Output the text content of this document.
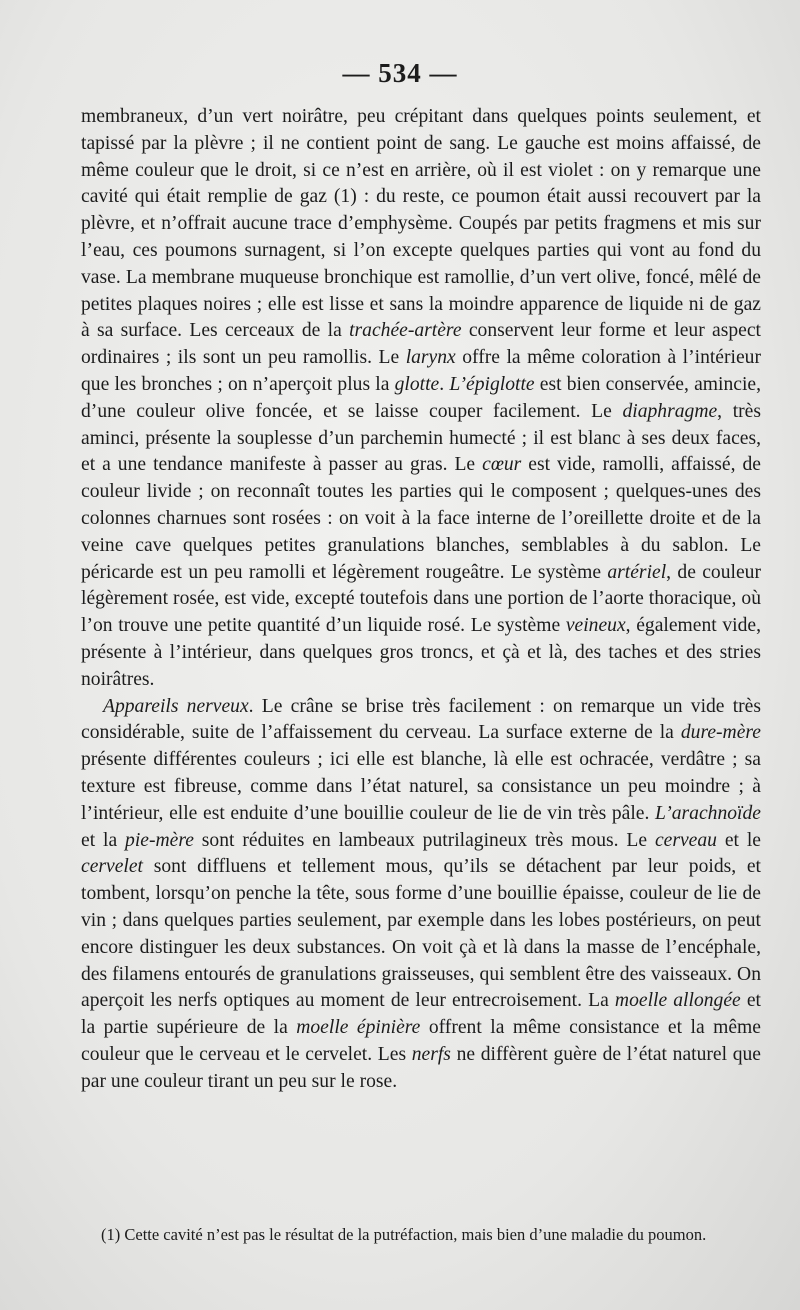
— 534 —

membraneux, d’un vert noirâtre, peu crépitant dans quelques points seulement, et tapissé par la plèvre ; il ne contient point de sang. Le gauche est moins affaissé, de même couleur que le droit, si ce n’est en arrière, où il est violet : on y remarque une cavité qui était remplie de gaz (1) : du reste, ce poumon était aussi recouvert par la plèvre, et n’offrait aucune trace d’emphysème. Coupés par petits fragmens et mis sur l’eau, ces poumons surnagent, si l’on excepte quelques parties qui vont au fond du vase. La membrane muqueuse bronchique est ramollie, d’un vert olive, foncé, mêlé de petites plaques noires ; elle est lisse et sans la moindre apparence de liquide ni de gaz à sa surface. Les cerceaux de la trachée-artère conservent leur forme et leur aspect ordinaires ; ils sont un peu ramollis. Le larynx offre la même coloration à l’intérieur que les bronches ; on n’aperçoit plus la glotte. L’épiglotte est bien conservée, amincie, d’une couleur olive foncée, et se laisse couper facilement. Le diaphragme, très aminci, présente la souplesse d’un parchemin humecté ; il est blanc à ses deux faces, et a une tendance manifeste à passer au gras. Le cœur est vide, ramolli, affaissé, de couleur livide ; on reconnaît toutes les parties qui le composent ; quelques-unes des colonnes charnues sont rosées : on voit à la face interne de l’oreillette droite et de la veine cave quelques petites granulations blanches, semblables à du sablon. Le péricarde est un peu ramolli et légèrement rougeâtre. Le système artériel, de couleur légèrement rosée, est vide, excepté toutefois dans une portion de l’aorte thoracique, où l’on trouve une petite quantité d’un liquide rosé. Le système veineux, également vide, présente à l’intérieur, dans quelques gros troncs, et çà et là, des taches et des stries noirâtres.

Appareils nerveux. Le crâne se brise très facilement : on remarque un vide très considérable, suite de l’affaissement du cerveau. La surface externe de la dure-mère présente différentes couleurs ; ici elle est blanche, là elle est ochracée, verdâtre ; sa texture est fibreuse, comme dans l’état naturel, sa consistance un peu moindre ; à l’intérieur, elle est enduite d’une bouillie couleur de lie de vin très pâle. L’arachnoïde et la pie-mère sont réduites en lambeaux putrilagineux très mous. Le cerveau et le cervelet sont diffluens et tellement mous, qu’ils se détachent par leur poids, et tombent, lorsqu’on penche la tête, sous forme d’une bouillie épaisse, couleur de lie de vin ; dans quelques parties seulement, par exemple dans les lobes postérieurs, on peut encore distinguer les deux substances. On voit çà et là dans la masse de l’encéphale, des filamens entourés de granulations graisseuses, qui semblent être des vaisseaux. On aperçoit les nerfs optiques au moment de leur entrecroisement. La moelle allongée et la partie supérieure de la moelle épinière offrent la même consistance et la même couleur que le cerveau et le cervelet. Les nerfs ne diffèrent guère de l’état naturel que par une couleur tirant un peu sur le rose.

(1) Cette cavité n’est pas le résultat de la putréfaction, mais bien d’une maladie du poumon.
